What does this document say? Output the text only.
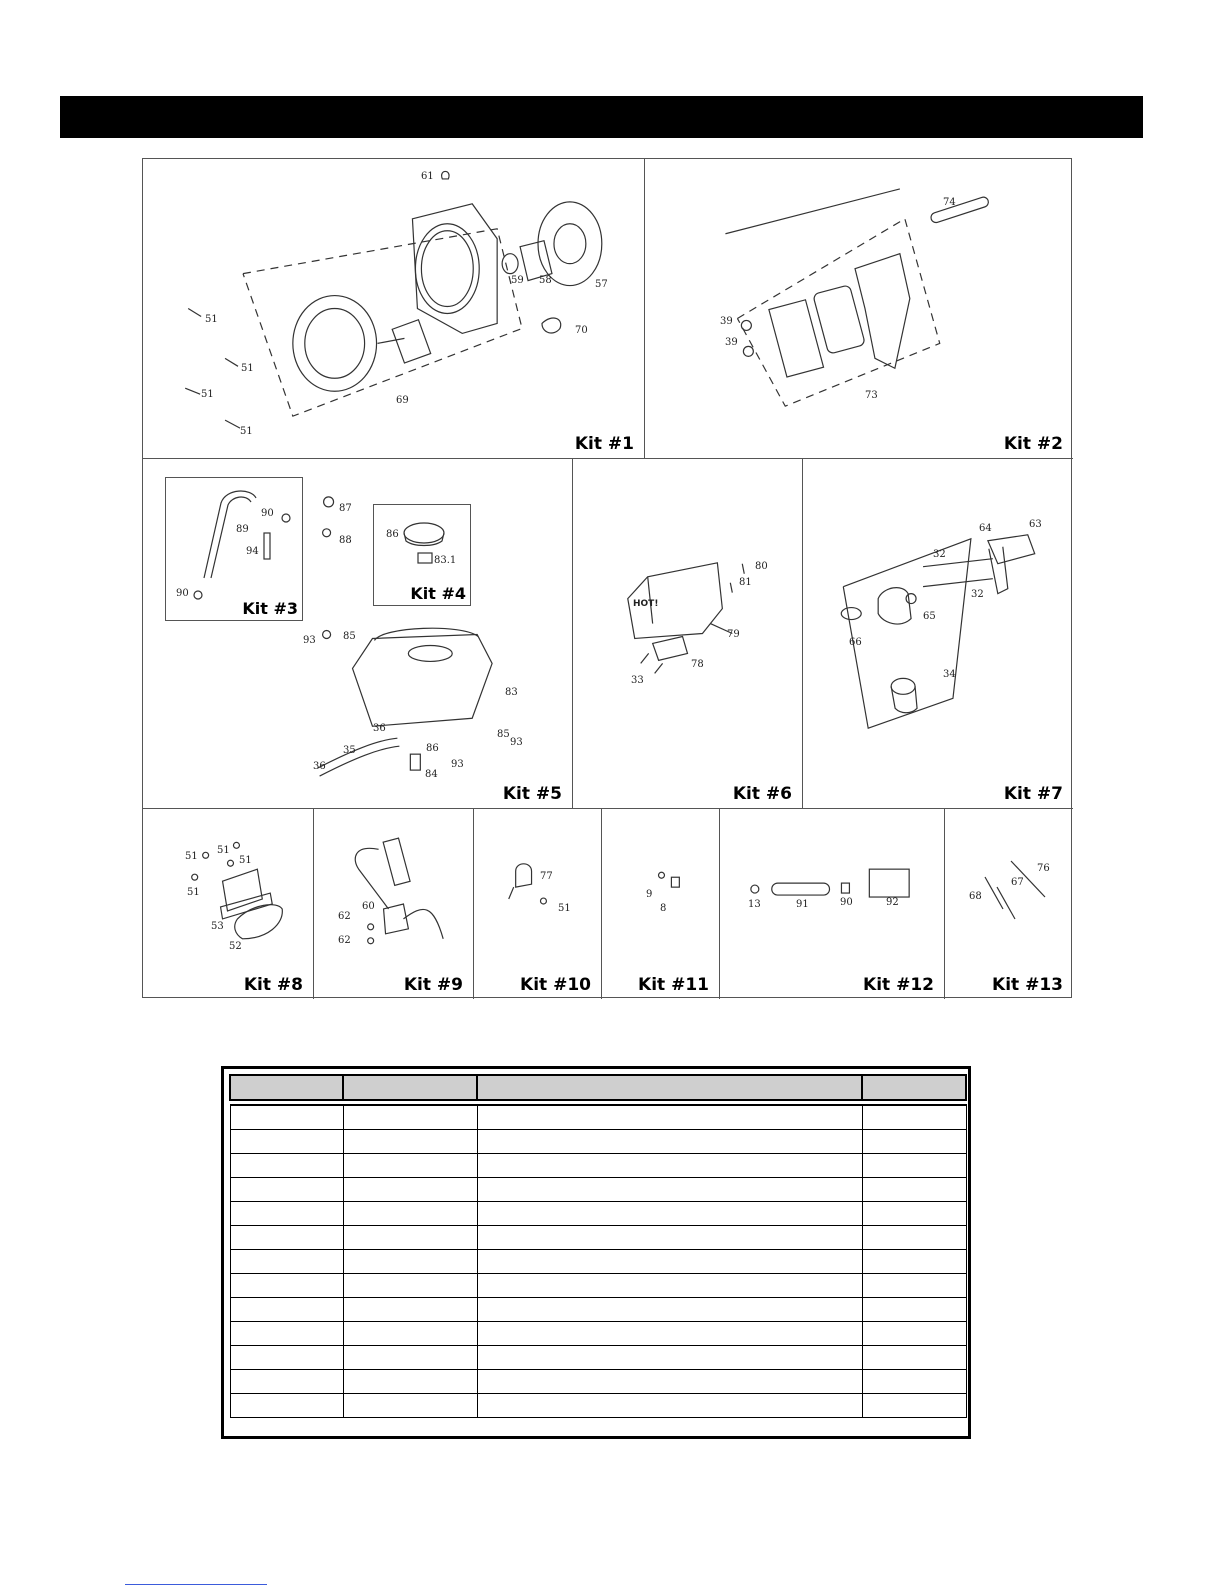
61
51
51
51
51
59 58	57
70
69
Kit #1
74
39
39
73
Kit #2
89
90
94
90
Kit #3
86
83.1
Kit #4
87
88
93	85
83
36
35
36
86
93
85
93
84
Kit #5
HOT!
80
81
79
78
33
Kit #6
64	63
32
32
65
66
34
Kit #7
51
51
51
51
53
52
Kit #8
60
62
62
Kit #9
77
51
Kit #10
9
8
Kit #11
13	91	90	92
Kit #12
76
67
68
Kit #13
